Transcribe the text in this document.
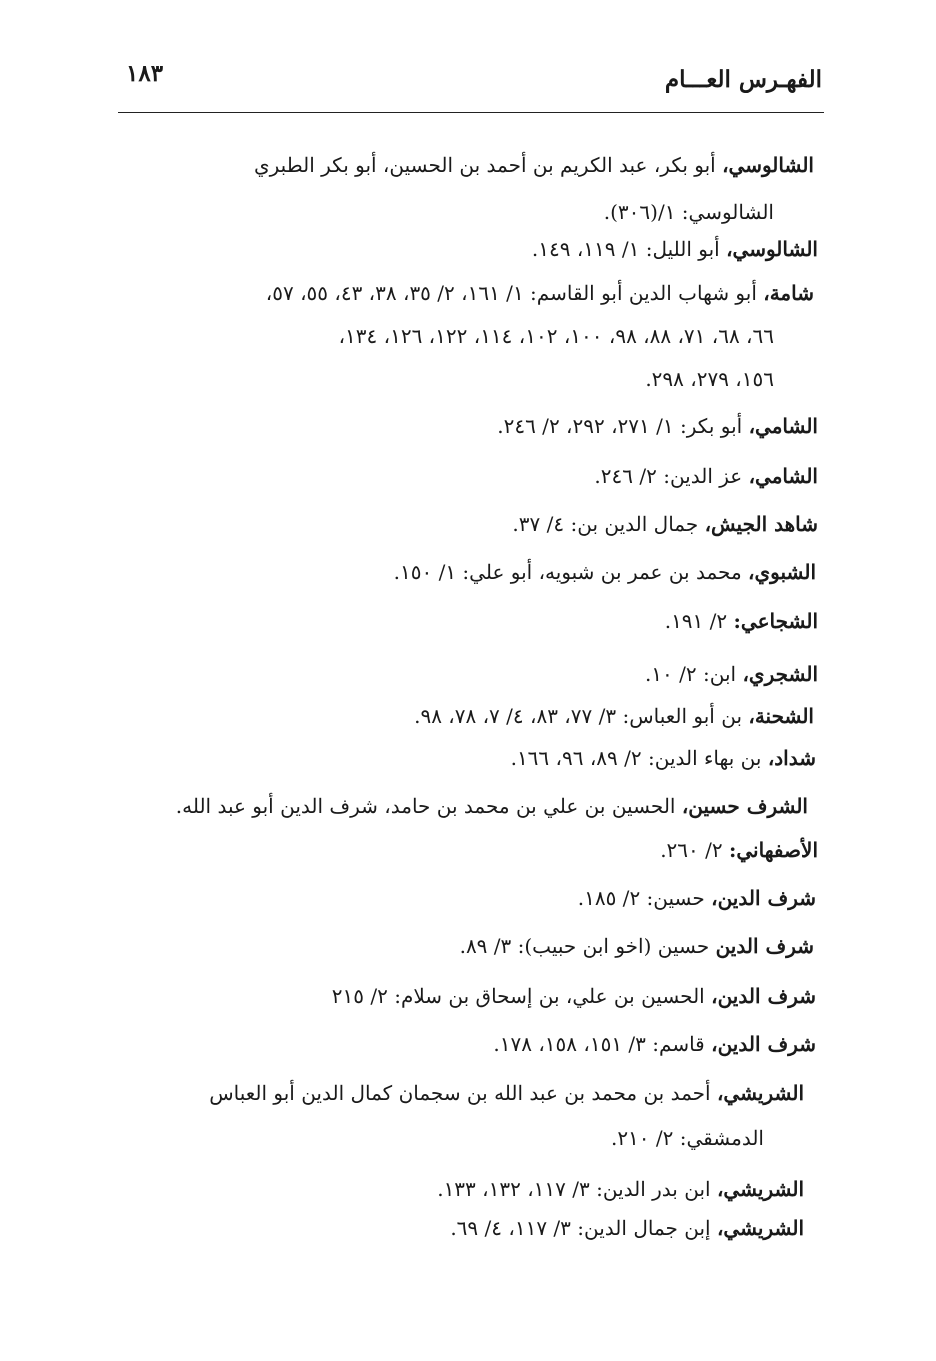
الفهـرس العـــام
١٨٣
الشالوسي، أبو بكر، عبد الكريم بن أحمد بن الحسين، أبو بكر الطبري
الشالوسي: ١/(٣٠٦).
الشالوسي، أبو الليل: ١/ ١١٩، ١٤٩.
شامة، أبو شهاب الدين أبو القاسم: ١/ ١٦١، ٢/ ٣٥، ٣٨، ٤٣، ٥٥، ٥٧،
٦٦، ٦٨، ٧١، ٨٨، ٩٨، ١٠٠، ١٠٢، ١١٤، ١٢٢، ١٢٦، ١٣٤،
١٥٦، ٢٧٩، ٢٩٨.
الشامي، أبو بكر: ١/ ٢٧١، ٢٩٢، ٢/ ٢٤٦.
الشامي، عز الدين: ٢/ ٢٤٦.
شاهد الجيش، جمال الدين بن: ٤/ ٣٧.
الشبوي، محمد بن عمر بن شبويه، أبو علي: ١/ ١٥٠.
الشجاعي: ٢/ ١٩١.
الشجري، ابن: ٢/ ١٠.
الشحنة، بن أبو العباس: ٣/ ٧٧، ٨٣، ٤/ ٧، ٧٨، ٩٨.
شداد، بن بهاء الدين: ٢/ ٨٩، ٩٦، ١٦٦.
الشرف حسين، الحسين بن علي بن محمد بن حامد، شرف الدين أبو عبد الله.
الأصفهاني: ٢/ ٢٦٠.
شرف الدين، حسين: ٢/ ١٨٥.
شرف الدين حسين (اخو ابن حبيب): ٣/ ٨٩.
شرف الدين، الحسين بن علي، بن إسحاق بن سلام: ٢/ ٢١٥
شرف الدين، قاسم: ٣/ ١٥١، ١٥٨، ١٧٨.
الشريشي، أحمد بن محمد بن عبد الله بن سجمان كمال الدين أبو العباس
الدمشقي: ٢/ ٢١٠.
الشريشي، ابن بدر الدين: ٣/ ١١٧، ١٣٢، ١٣٣.
الشريشي، إبن جمال الدين: ٣/ ١١٧، ٤/ ٦٩.
